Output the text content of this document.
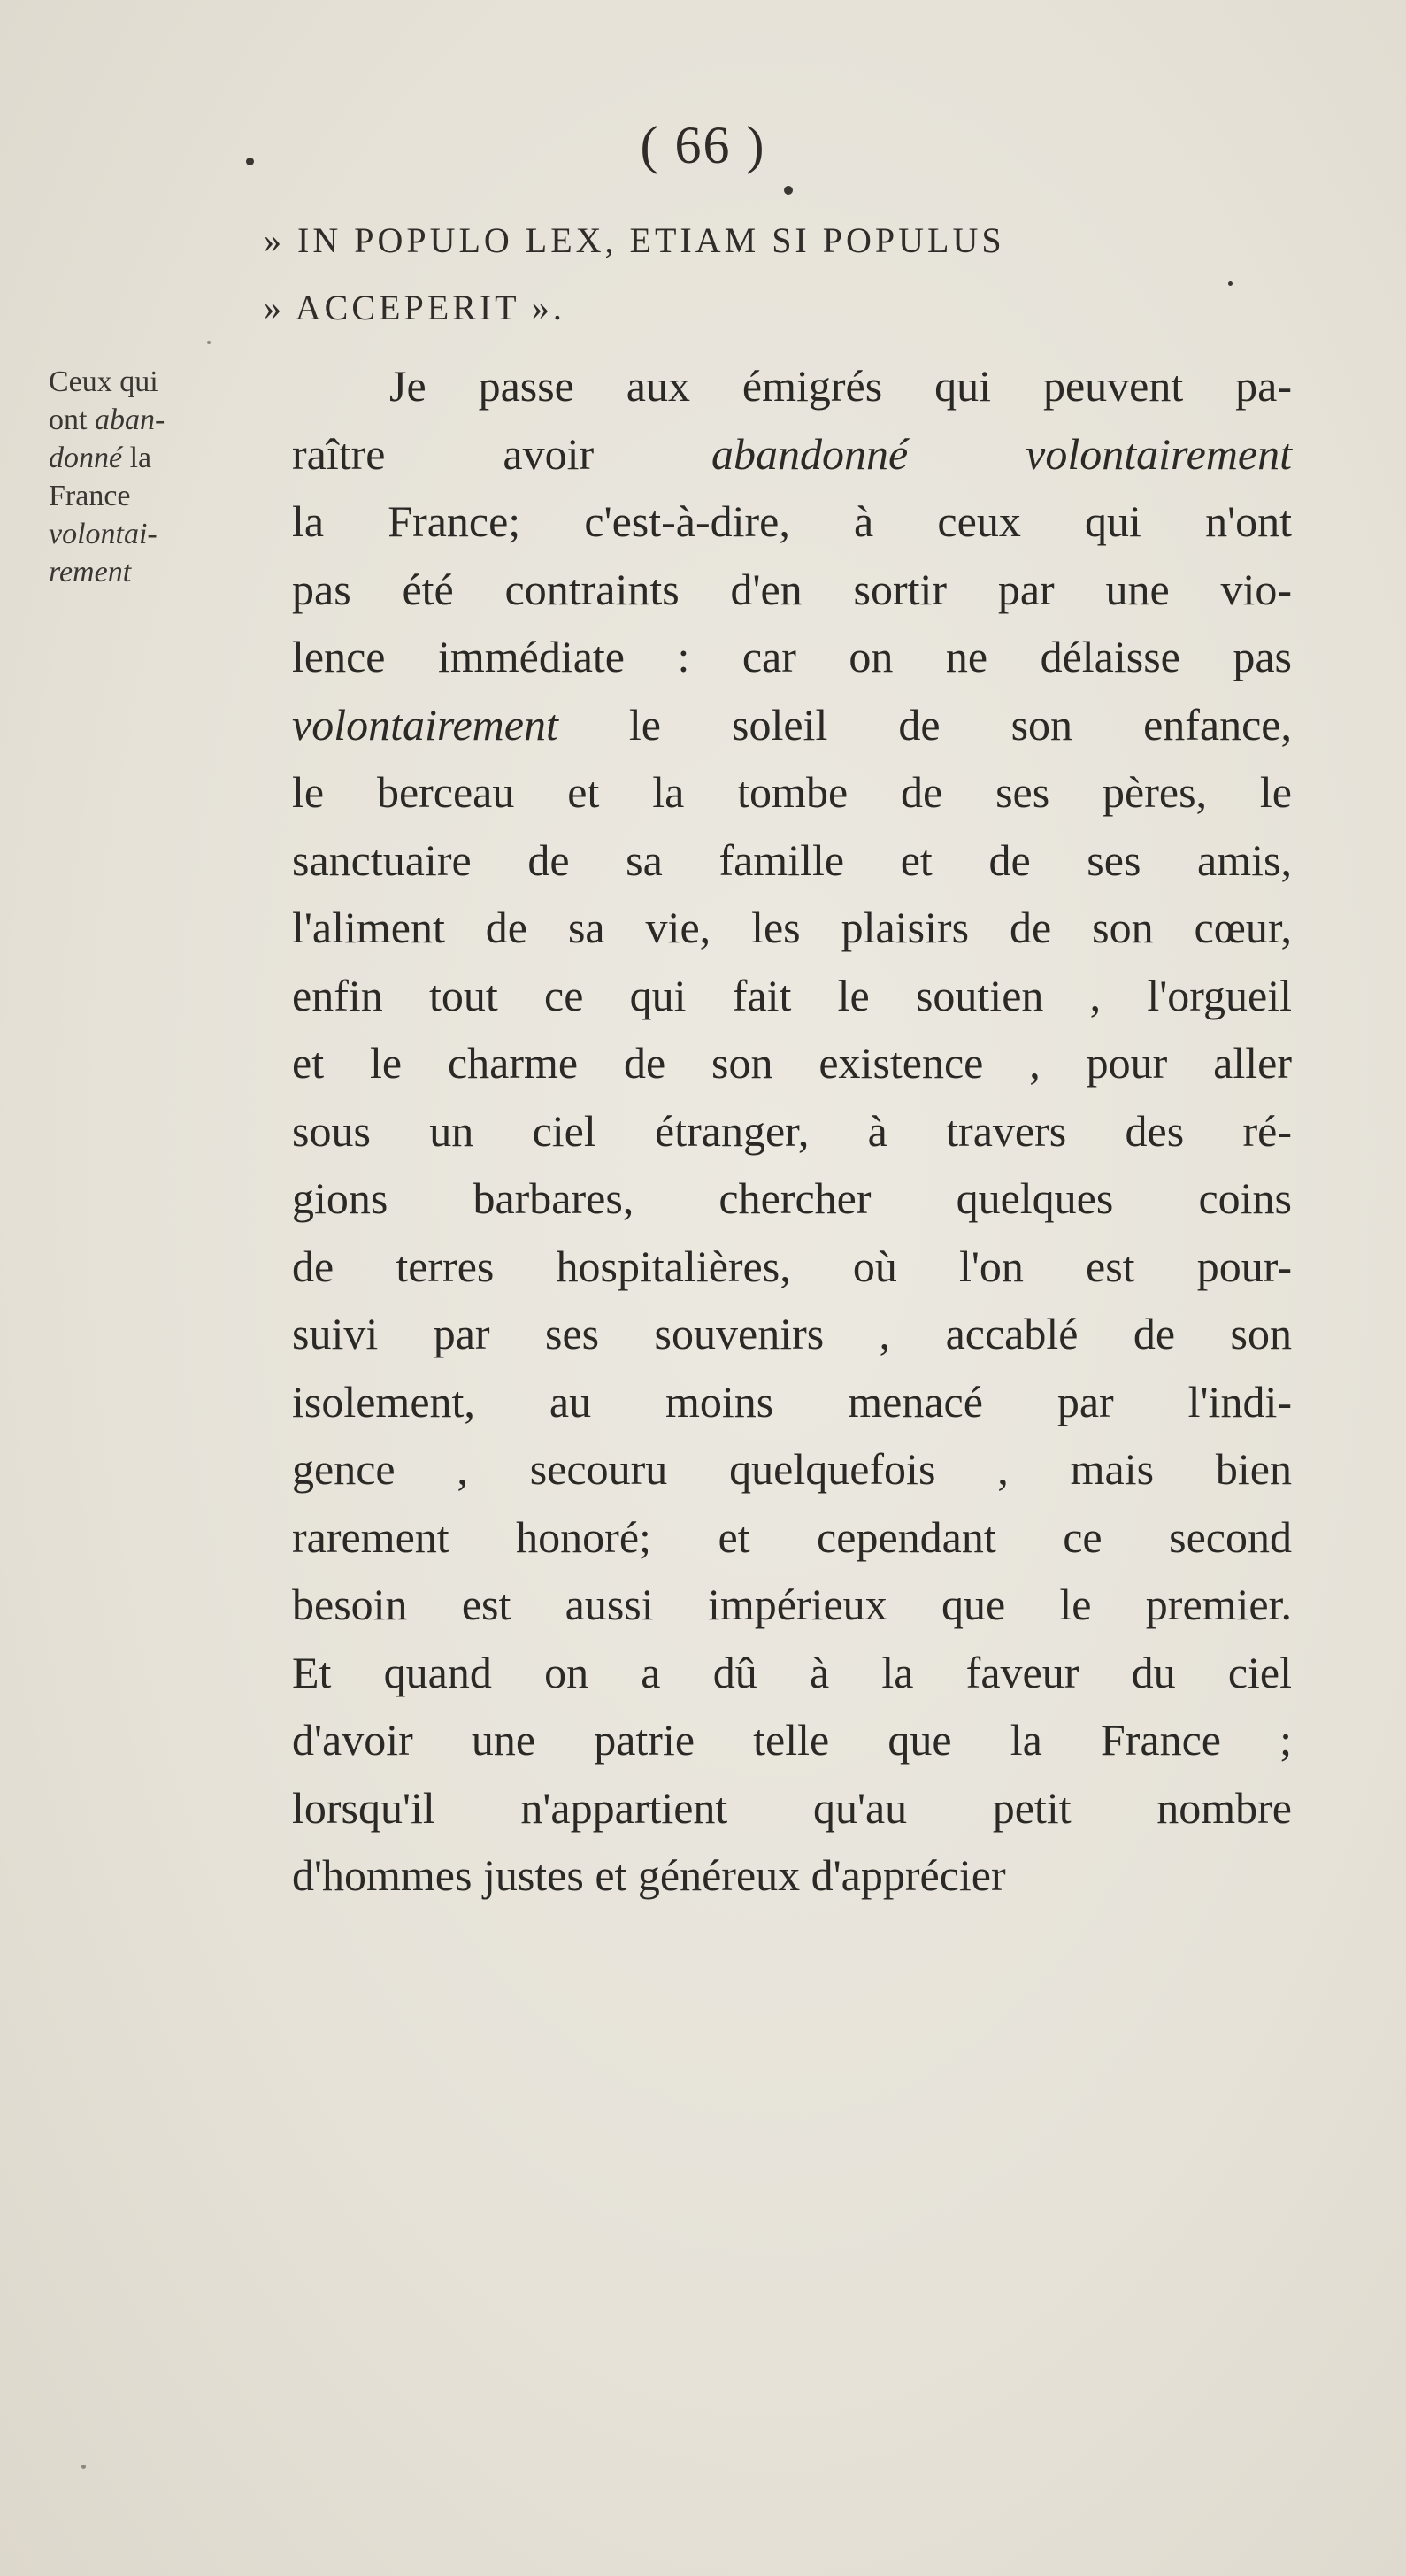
( 66 )
» IN POPULO LEX, ETIAM SI POPULUS
» ACCEPERIT ».
Ceux qui
ont aban-
donné la
France
volontai-
rement
Je passe aux émigrés qui peuvent pa-
raître avoir abandonné volontairement
la France; c'est-à-dire, à ceux qui n'ont
pas été contraints d'en sortir par une vio-
lence immédiate : car on ne délaisse pas
volontairement le soleil de son enfance,
le berceau et la tombe de ses pères, le
sanctuaire de sa famille et de ses amis,
l'aliment de sa vie, les plaisirs de son cœur,
enfin tout ce qui fait le soutien , l'orgueil
et le charme de son existence , pour aller
sous un ciel étranger, à travers des ré-
gions barbares, chercher quelques coins
de terres hospitalières, où l'on est pour-
suivi par ses souvenirs , accablé de son
isolement, au moins menacé par l'indi-
gence , secouru quelquefois , mais bien
rarement honoré; et cependant ce second
besoin est aussi impérieux que le premier.
Et quand on a dû à la faveur du ciel
d'avoir une patrie telle que la France ;
lorsqu'il n'appartient qu'au petit nombre
d'hommes justes et généreux d'apprécier
